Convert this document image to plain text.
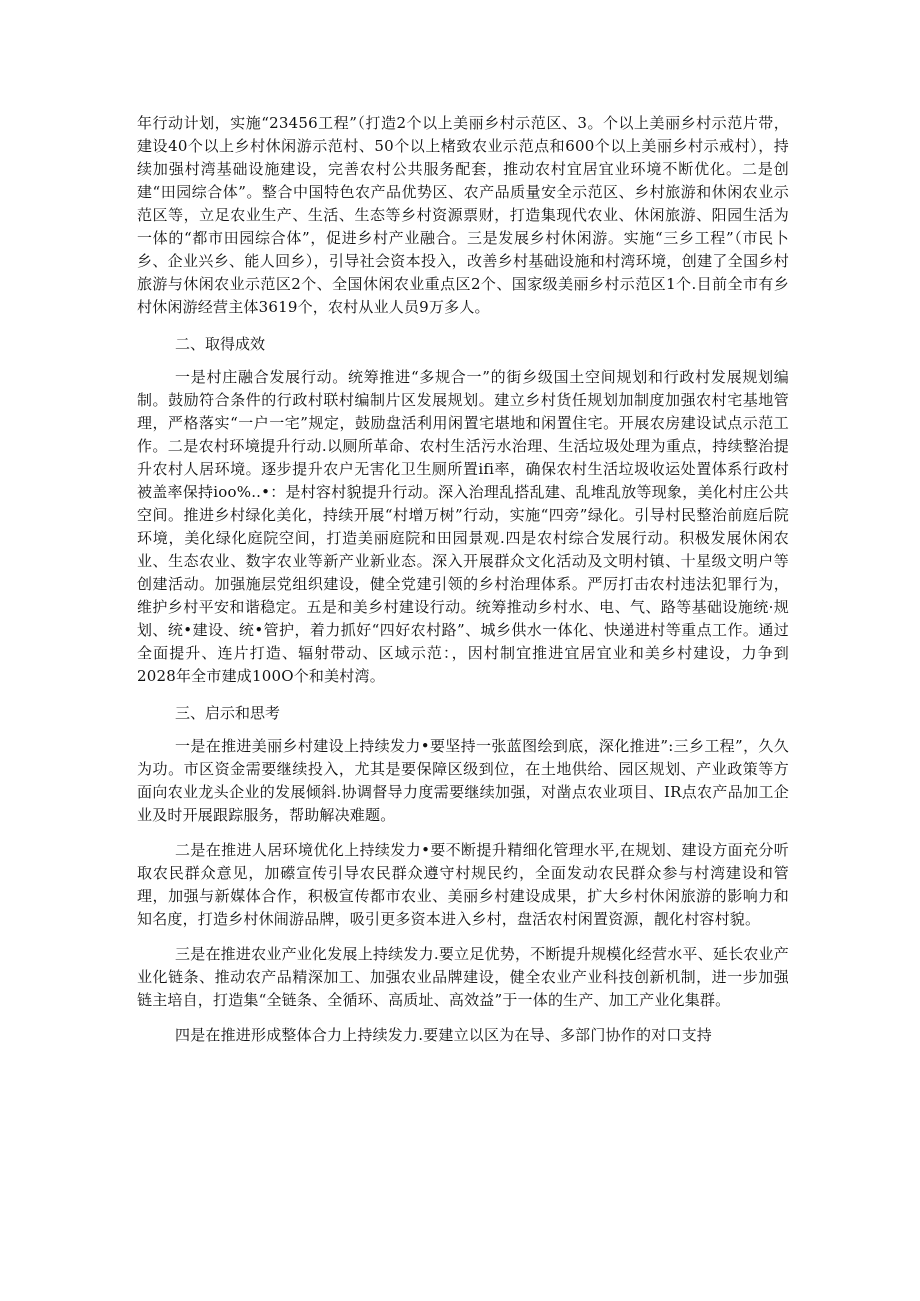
年行动计划，实施“23456工程”（打造2个以上美丽乡村示范区、3。个以上美丽乡村示范片带，建设40个以上乡村休闲游示范村、50个以上楮致农业示范点和600个以上美丽乡村示戒村），持续加强村湾基础设施建设，完善农村公共服务配套，推动农村宜居宜业环境不断优化。二是创建“田园综合体”。整合中国特色农产品优势区、农产品质量安全示范区、乡村旅游和休闲农业示范区等，立足农业生产、生活、生态等乡村资源票财，打造集现代农业、休闲旅游、阳园生活为一体的“都市田园综合体”，促进乡村产业融合。三是发展乡村休闲游。实施“三乡工程”（市民卜乡、企业兴乡、能人回乡），引导社会资本投入，改善乡村基础设施和村湾环境，创建了全国乡村旅游与休闲农业示范区2个、全国休闲农业重点区2个、国家级美丽乡村示范区1个.目前全市有乡村休闲游经营主体3619个，农村从业人员9万多人。

二、取得成效

一是村庄融合发展行动。统筹推进“多规合一”的街乡级国土空间规划和行政村发展规划编制。鼓励符合条件的行政村联村编制片区发展规划。建立乡村货任规划加制度加强农村宅基地管理，严格落实“一户一宅”规定，鼓励盘活利用闲置宅堪地和闲置住宅。开展农房建设试点示范工作。二是农村环境提升行动.以厕所革命、农村生活污水治理、生活垃圾处理为重点，持续整治提升农村人居环境。逐步提升农户无害化卫生厕所置ifi率，确保农村生活垃圾收运处置体系行政村被盖率保持ioo%..•：是村容村貌提升行动。深入治理乱搭乱建、乱堆乱放等现象，美化村庄公共空间。推进乡村绿化美化，持续开展“村增万树”行动，实施“四旁”绿化。引导村民整治前庭后院环境，美化绿化庭院空间，打造美丽庭院和田园景观.四是农村综合发展行动。积极发展休闲农业、生态农业、数字农业等新产业新业态。深入开展群众文化活动及文明村镇、十星级文明户等创建活动。加强施层党组织建设，健全党建引领的乡村治理体系。严厉打击农村违法犯罪行为，维护乡村平安和谐稳定。五是和美乡村建设行动。统筹推动乡村水、电、气、路等基础设施统·规划、统•建设、统•管护，着力抓好“四好农村路”、城乡供水一体化、快递进村等重点工作。通过全面提升、连片打造、辐射带动、区域示范：，因村制宜推进宜居宜业和美乡村建设，力争到2028年全市建成100O个和美村湾。

三、启示和思考

一是在推进美丽乡村建设上持续发力•要坚持一张蓝图绘到底，深化推进”:三乡工程”，久久为功。市区资金需要继续投入，尤其是要保障区级到位，在土地供给、园区规划、产业政策等方面向农业龙头企业的发展倾斜.协调督导力度需要继续加强，对凿点农业项目、IR点农产品加工企业及时开展跟踪服务，帮助解决难题。

二是在推进人居环境优化上持续发力•要不断提升精细化管理水平,在规划、建设方面充分听取农民群众意见，加礤宣传引导农民群众遵守村规民约，全面发动农民群众参与村湾建设和管理，加强与新媒体合作，积极宣传都市农业、美丽乡村建设成果，扩大乡村休闲旅游的影响力和知名度，打造乡村休闹游品牌，吸引更多资本进入乡村，盘活农村闲置资源，靓化村容村貌。

三是在推进农业产业化发展上持续发力.要立足优势，不断提升规模化经营水平、延长农业产业化链条、推动农产品精深加工、加强农业品牌建设，健全农业产业科技创新机制，进一步加强链主培自，打造集“全链条、全循环、高质址、高效益”于一体的生产、加工产业化集群。

四是在推进形成整体合力上持续发力.要建立以区为在导、多部门协作的对口支持
